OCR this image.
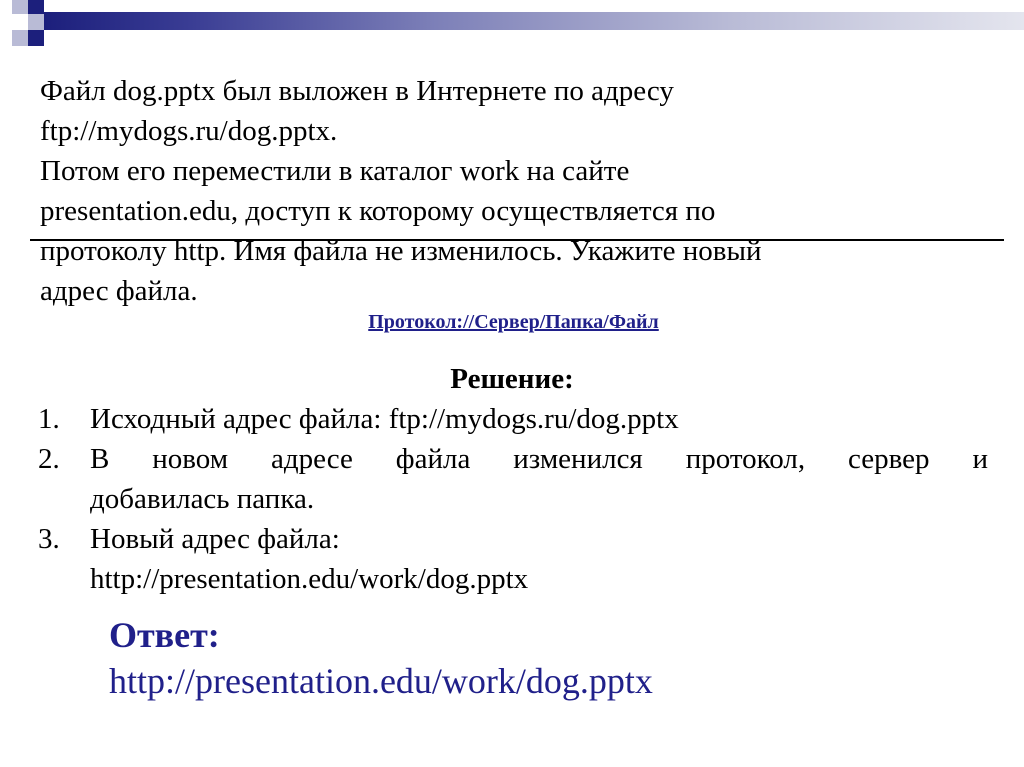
Файл dog.pptx был выложен в Интернете по адресу
ftp://mydogs.ru/dog.pptx.
Потом его переместили в каталог work на сайте
presentation.edu, доступ к которому осуществляется по
протоколу http. Имя файла не изменилось. Укажите новый
адрес файла.
Протокол://Сервер/Папка/Файл
Решение:
1. Исходный адрес файла: ftp://mydogs.ru/dog.pptx
2. В новом адресе файла изменился протокол, сервер и
добавилась папка.
3. Новый адрес файла:
http://presentation.edu/work/dog.pptx
Ответ:
http://presentation.edu/work/dog.pptx
